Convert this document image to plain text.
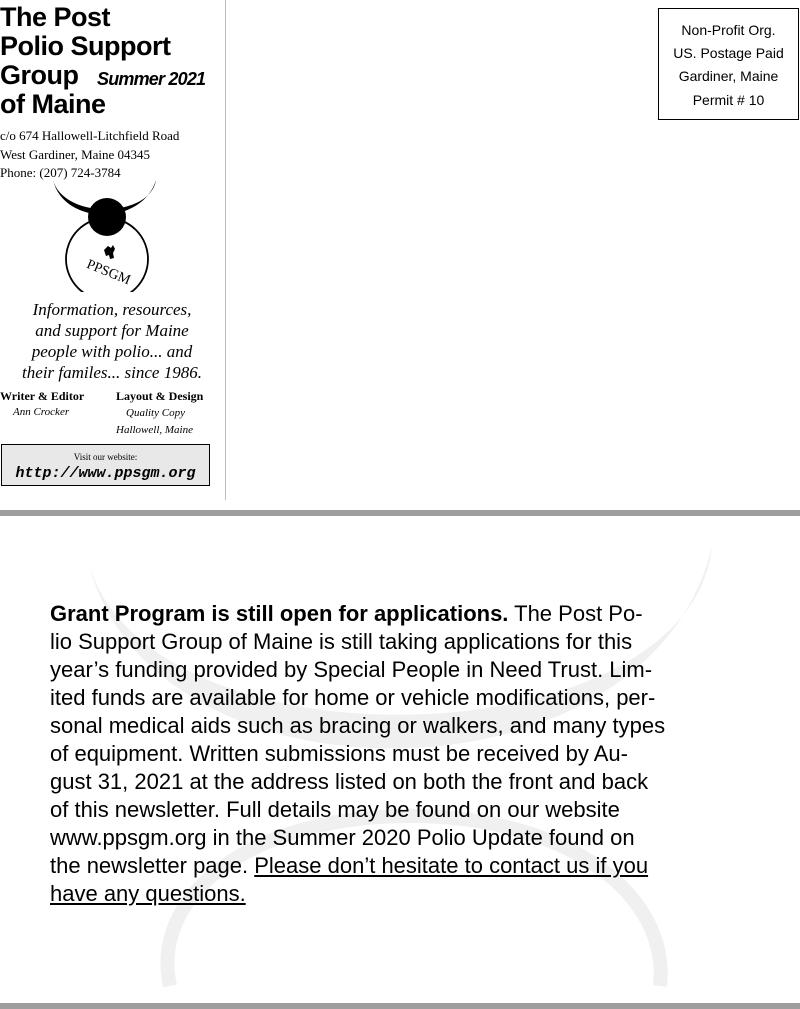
The Post
Polio Support
Group
of Maine
Summer 2021
c/o 674 Hallowell-Litchfield Road
West Gardiner, Maine 04345
Phone: (207) 724-3784
PPSGM
Information, resources,
and support for Maine
people with polio... and
their familes... since 1986.
Writer & Editor
Ann Crocker
Layout & Design
Quality Copy
Hallowell, Maine
Visit our website:
http://www.ppsgm.org
Non-Profit Org.
US. Postage Paid
Gardiner, Maine
Permit # 10
Grant Program is still open for applications. The Post Po-
lio Support Group of Maine is still taking applications for this
year’s funding provided by Special People in Need Trust. Lim-
ited funds are available for home or vehicle modifications, per-
sonal medical aids such as bracing or walkers, and many types
of equipment. Written submissions must be received by Au-
gust 31, 2021 at the address listed on both the front and back
of this newsletter. Full details may be found on our website
www.ppsgm.org in the Summer 2020 Polio Update found on
the newsletter page. Please don’t hesitate to contact us if you
have any questions.
